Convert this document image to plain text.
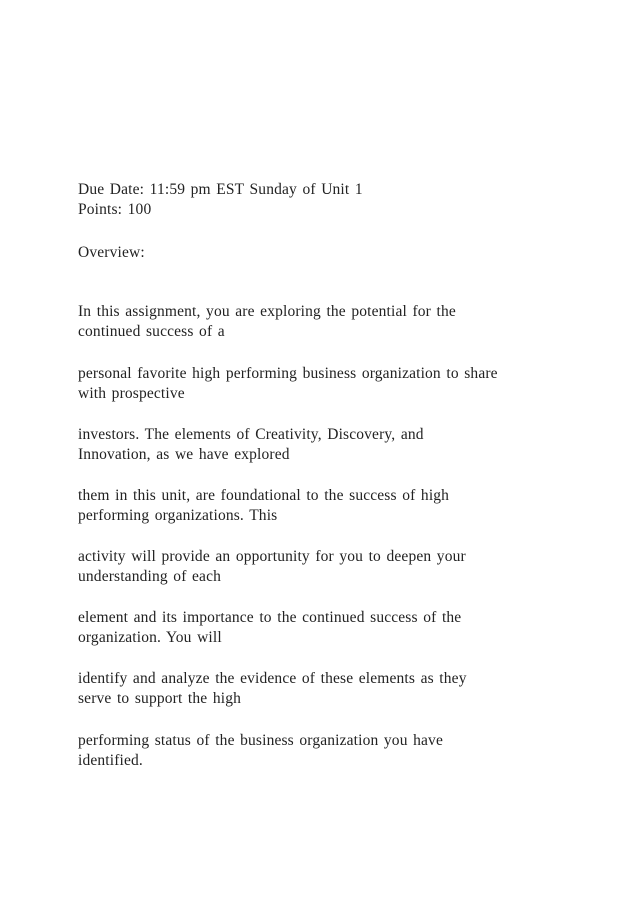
Due Date: 11:59 pm EST Sunday of Unit 1
Points: 100
Overview:
In this assignment, you are exploring the potential for the
continued success of a
personal favorite high performing business organization to share
with prospective
investors. The elements of Creativity, Discovery, and
Innovation, as we have explored
them in this unit, are foundational to the success of high
performing organizations. This
activity will provide an opportunity for you to deepen your
understanding of each
element and its importance to the continued success of the
organization. You will
identify and analyze the evidence of these elements as they
serve to support the high
performing status of the business organization you have
identified.
